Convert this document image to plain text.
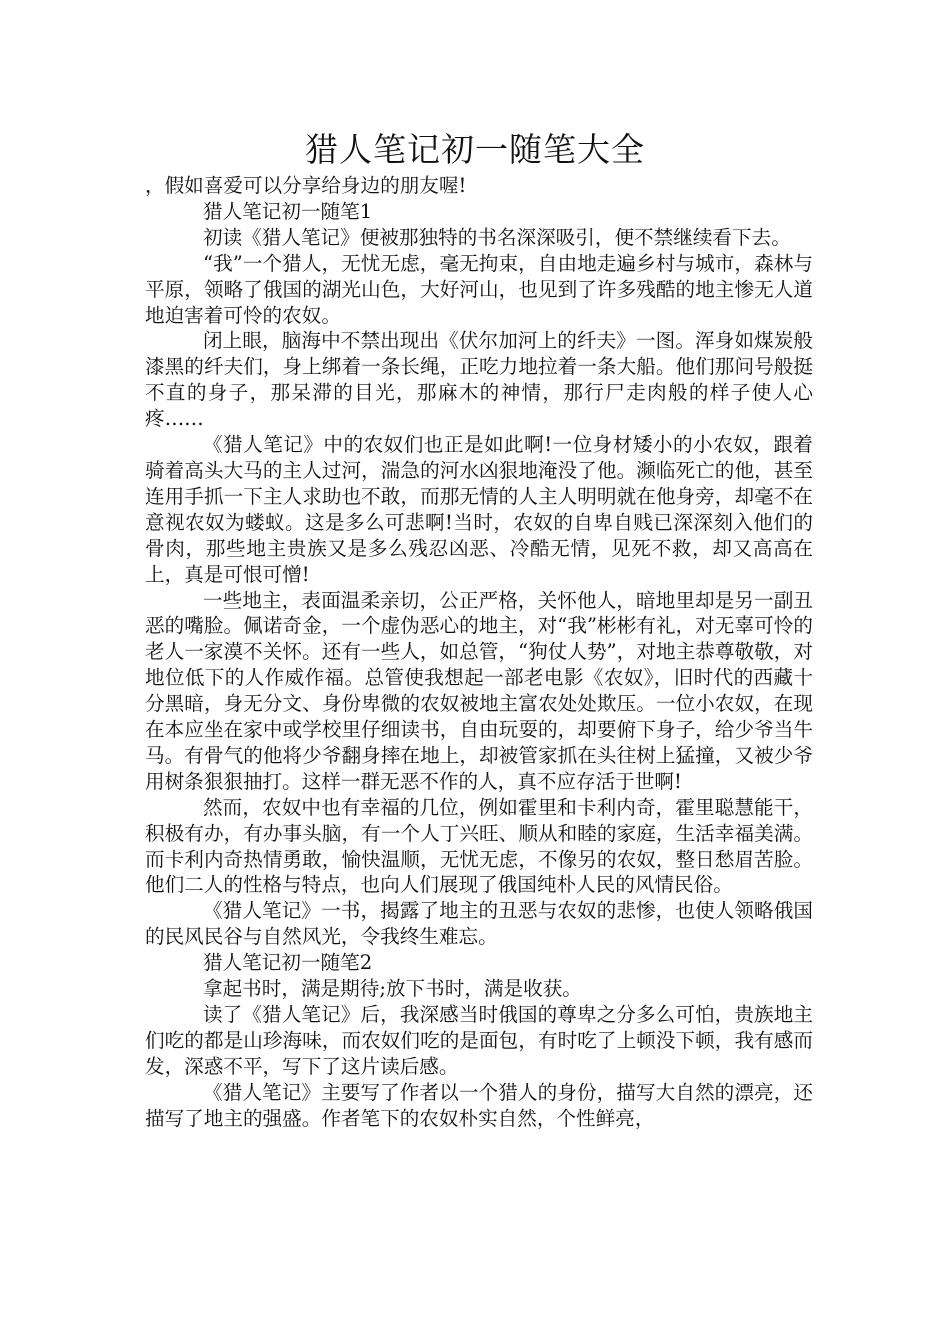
猎人笔记初一随笔大全

，假如喜爱可以分享给身边的朋友喔!

猎人笔记初一随笔1

初读《猎人笔记》便被那独特的书名深深吸引，便不禁继续看下去。

“我”一个猎人，无忧无虑，毫无拘束，自由地走遍乡村与城市，森林与平原，领略了俄国的湖光山色，大好河山，也见到了许多残酷的地主惨无人道地迫害着可怜的农奴。

闭上眼，脑海中不禁出现出《伏尔加河上的纤夫》一图。浑身如煤炭般漆黑的纤夫们，身上绑着一条长绳，正吃力地拉着一条大船。他们那问号般挺不直的身子，那呆滞的目光，那麻木的神情，那行尸走肉般的样子使人心疼……

《猎人笔记》中的农奴们也正是如此啊!一位身材矮小的小农奴，跟着骑着高头大马的主人过河，湍急的河水凶狠地淹没了他。濒临死亡的他，甚至连用手抓一下主人求助也不敢，而那无情的人主人明明就在他身旁，却毫不在意视农奴为蝼蚁。这是多么可悲啊!当时，农奴的自卑自贱已深深刻入他们的骨肉，那些地主贵族又是多么残忍凶恶、冷酷无情，见死不救，却又高高在上，真是可恨可憎!

一些地主，表面温柔亲切，公正严格，关怀他人，暗地里却是另一副丑恶的嘴脸。佩诺奇金，一个虚伪恶心的地主，对“我”彬彬有礼，对无辜可怜的老人一家漠不关怀。还有一些人，如总管，“狗仗人势”，对地主恭尊敬敬，对地位低下的人作威作福。总管使我想起一部老电影《农奴》，旧时代的西藏十分黑暗，身无分文、身份卑微的农奴被地主富农处处欺压。一位小农奴，在现在本应坐在家中或学校里仔细读书，自由玩耍的，却要俯下身子，给少爷当牛马。有骨气的他将少爷翻身摔在地上，却被管家抓在头往树上猛撞，又被少爷用树条狠狠抽打。这样一群无恶不作的人，真不应存活于世啊!

然而，农奴中也有幸福的几位，例如霍里和卡利内奇，霍里聪慧能干，积极有办，有办事头脑，有一个人丁兴旺、顺从和睦的家庭，生活幸福美满。而卡利内奇热情勇敢，愉快温顺，无忧无虑，不像另的农奴，整日愁眉苦脸。他们二人的性格与特点，也向人们展现了俄国纯朴人民的风情民俗。

《猎人笔记》一书，揭露了地主的丑恶与农奴的悲惨，也使人领略俄国的民风民谷与自然风光，令我终生难忘。

猎人笔记初一随笔2

拿起书时，满是期待;放下书时，满是收获。

读了《猎人笔记》后，我深感当时俄国的尊卑之分多么可怕，贵族地主们吃的都是山珍海味，而农奴们吃的是面包，有时吃了上顿没下顿，我有感而发，深惑不平，写下了这片读后感。

《猎人笔记》主要写了作者以一个猎人的身份，描写大自然的漂亮，还描写了地主的强盛。作者笔下的农奴朴实自然，个性鲜亮，
